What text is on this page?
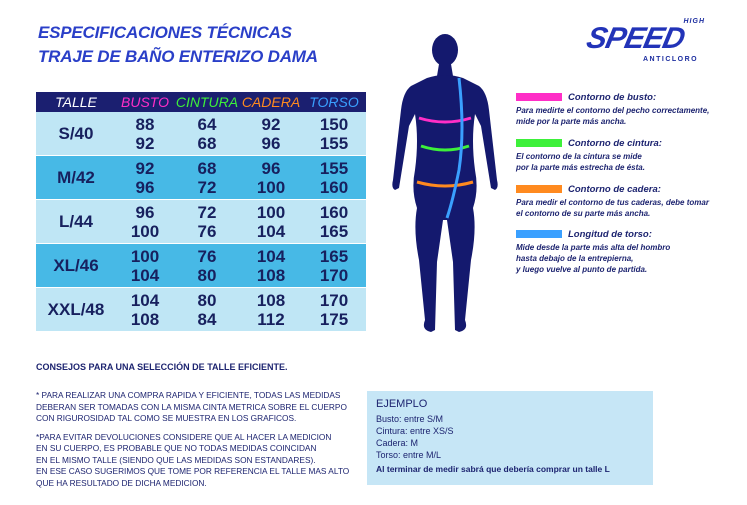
ESPECIFICACIONES TÉCNICAS
TRAJE DE BAÑO ENTERIZO DAMA
HIGH
SPEED
ANTICLORO
TALLE	BUSTO CINTURA CADERA TORSO
S/40 88
92
64
68
92
96
150
155
M/42 92
96
68
72
96
100
155
160
L/44	96
100
72
76
100
104
160
165
XL/46 100
104
76
80
104
108
165
170
XXL/48 104
108
80
84
108
112
170
175
Contorno de busto:
Para medirte el contorno del pecho correctamente,
mide por la parte más ancha.
Contorno de cintura:
El contorno de la cintura se mide
por la parte más estrecha de ésta.
Contorno de cadera:
Para medir el contorno de tus caderas, debe tomar
el contorno de su parte más ancha.
Longitud de torso:
Mide desde la parte más alta del hombro
hasta debajo de la entrepierna,
y luego vuelve al punto de partida.
CONSEJOS PARA UNA SELECCIÓN DE TALLE EFICIENTE.

* PARA REALIZAR UNA COMPRA RAPIDA Y EFICIENTE, TODAS LAS MEDIDAS
DEBERAN SER TOMADAS CON LA MISMA CINTA METRICA SOBRE EL CUERPO
CON RIGUROSIDAD TAL COMO SE MUESTRA EN LOS GRAFICOS.

*PARA EVITAR DEVOLUCIONES CONSIDERE QUE AL HACER LA MEDICION
EN SU CUERPO, ES PROBABLE QUE NO TODAS MEDIDAS COINCIDAN
EN EL MISMO TALLE (SIENDO QUE LAS MEDIDAS SON ESTANDARES).
EN ESE CASO SUGERIMOS QUE TOME POR REFERENCIA EL TALLE MAS ALTO
QUE HA RESULTADO DE DICHA MEDICION.

EJEMPLO
Busto: entre S/M
Cintura: entre XS/S
Cadera: M
Torso: entre M/L
Al terminar de medir sabrá que debería comprar un talle L
